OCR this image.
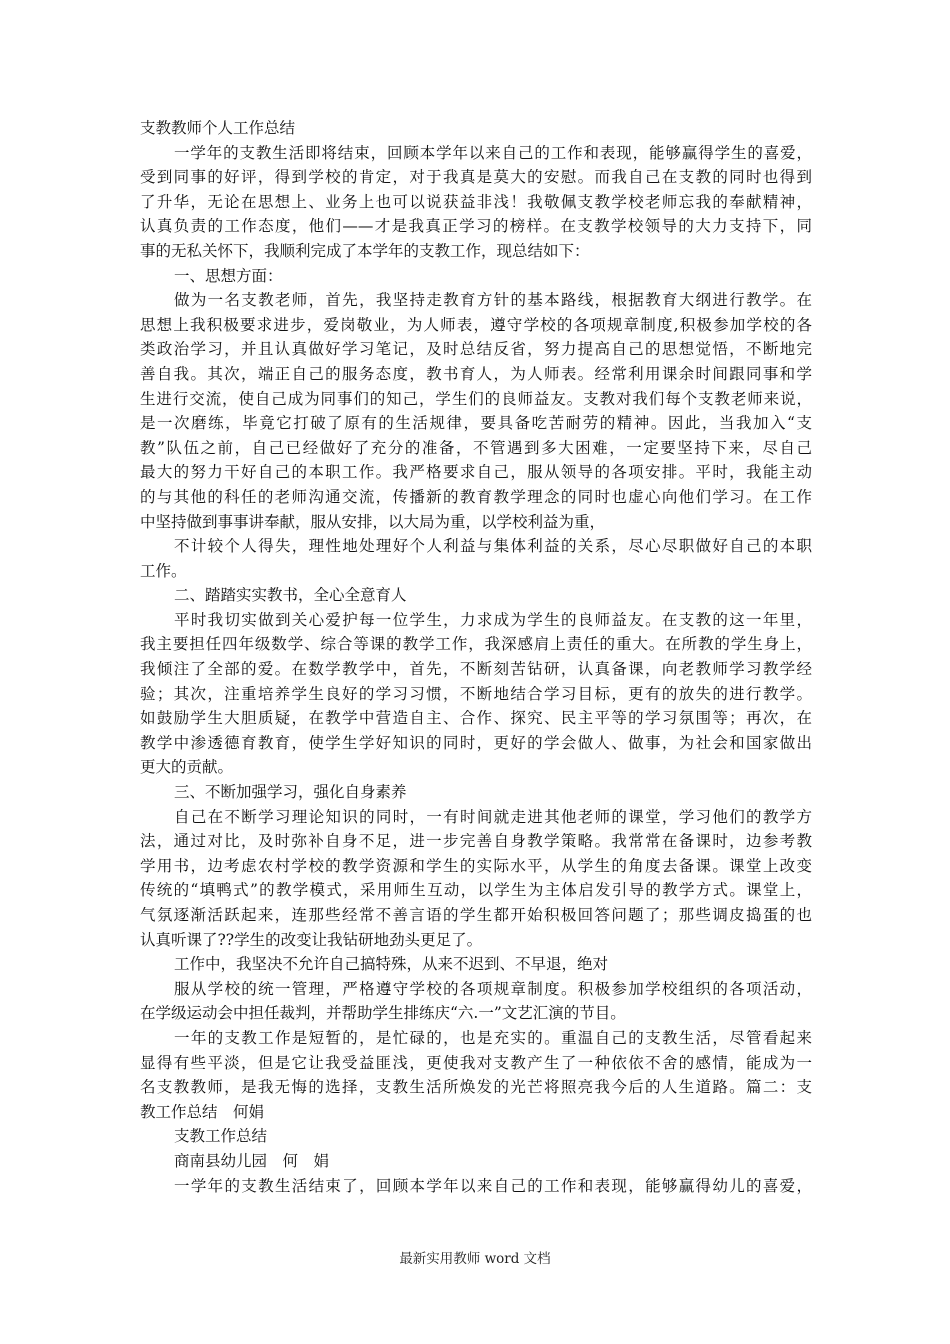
支教教师个人工作总结
一学年的支教生活即将结束，回顾本学年以来自己的工作和表现，能够赢得学生的喜爱，
受到同事的好评，得到学校的肯定，对于我真是莫大的安慰。而我自己在支教的同时也得到
了升华，无论在思想上、业务上也可以说获益非浅！我敬佩支教学校老师忘我的奉献精神，
认真负责的工作态度，他们——才是我真正学习的榜样。在支教学校领导的大力支持下，同
事的无私关怀下，我顺利完成了本学年的支教工作，现总结如下：
一、思想方面：
做为一名支教老师，首先，我坚持走教育方针的基本路线，根据教育大纲进行教学。在
思想上我积极要求进步，爱岗敬业，为人师表，遵守学校的各项规章制度,积极参加学校的各
类政治学习，并且认真做好学习笔记，及时总结反省，努力提高自己的思想觉悟，不断地完
善自我。其次，端正自己的服务态度，教书育人，为人师表。经常利用课余时间跟同事和学
生进行交流，使自己成为同事们的知己，学生们的良师益友。支教对我们每个支教老师来说，
是一次磨练，毕竟它打破了原有的生活规律，要具备吃苦耐劳的精神。因此，当我加入“支
教”队伍之前，自己已经做好了充分的准备，不管遇到多大困难，一定要坚持下来，尽自己
最大的努力干好自己的本职工作。我严格要求自己，服从领导的各项安排。平时，我能主动
的与其他的科任的老师沟通交流，传播新的教育教学理念的同时也虚心向他们学习。在工作
中坚持做到事事讲奉献，服从安排，以大局为重，以学校利益为重，
不计较个人得失，理性地处理好个人利益与集体利益的关系，尽心尽职做好自己的本职
工作。
二、踏踏实实教书，全心全意育人
平时我切实做到关心爱护每一位学生，力求成为学生的良师益友。在支教的这一年里，
我主要担任四年级数学、综合等课的教学工作，我深感肩上责任的重大。在所教的学生身上，
我倾注了全部的爱。在数学教学中，首先，不断刻苦钻研，认真备课，向老教师学习教学经
验；其次，注重培养学生良好的学习习惯，不断地结合学习目标，更有的放失的进行教学。
如鼓励学生大胆质疑，在教学中营造自主、合作、探究、民主平等的学习氛围等；再次，在
教学中渗透德育教育，使学生学好知识的同时，更好的学会做人、做事，为社会和国家做出
更大的贡献。
三、不断加强学习，强化自身素养
自己在不断学习理论知识的同时，一有时间就走进其他老师的课堂，学习他们的教学方
法，通过对比，及时弥补自身不足，进一步完善自身教学策略。我常常在备课时，边参考教
学用书，边考虑农村学校的教学资源和学生的实际水平，从学生的角度去备课。课堂上改变
传统的“填鸭式”的教学模式，采用师生互动，以学生为主体启发引导的教学方式。课堂上，
气氛逐渐活跃起来，连那些经常不善言语的学生都开始积极回答问题了；那些调皮捣蛋的也
认真听课了??学生的改变让我钻研地劲头更足了。
工作中，我坚决不允许自己搞特殊，从来不迟到、不早退，绝对
服从学校的统一管理，严格遵守学校的各项规章制度。积极参加学校组织的各项活动，
在学级运动会中担任裁判，并帮助学生排练庆“六.一”文艺汇演的节目。
一年的支教工作是短暂的，是忙碌的，也是充实的。重温自己的支教生活，尽管看起来
显得有些平淡，但是它让我受益匪浅，更使我对支教产生了一种依依不舍的感情，能成为一
名支教教师，是我无悔的选择，支教生活所焕发的光芒将照亮我今后的人生道路。篇二：支
教工作总结　何娟
支教工作总结
商南县幼儿园　何　娟
一学年的支教生活结束了，回顾本学年以来自己的工作和表现，能够赢得幼儿的喜爱，
最新实用教师 word 文档
